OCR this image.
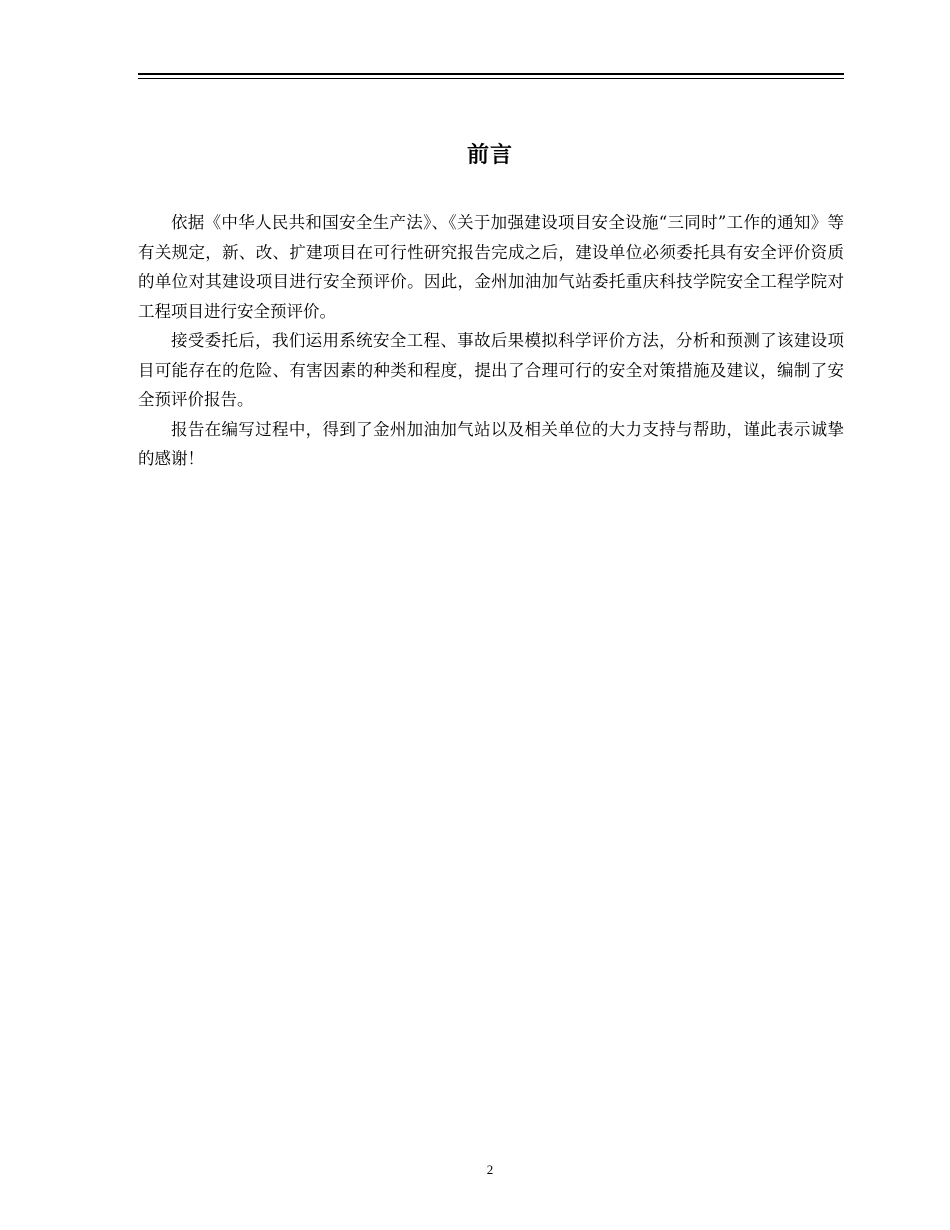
前言

依据《中华人民共和国安全生产法》、《关于加强建设项目安全设施“三同时”工作的通知》等有关规定，新、改、扩建项目在可行性研究报告完成之后，建设单位必须委托具有安全评价资质的单位对其建设项目进行安全预评价。因此，金州加油加气站委托重庆科技学院安全工程学院对工程项目进行安全预评价。

接受委托后，我们运用系统安全工程、事故后果模拟科学评价方法，分析和预测了该建设项目可能存在的危险、有害因素的种类和程度，提出了合理可行的安全对策措施及建议，编制了安全预评价报告。

报告在编写过程中，得到了金州加油加气站以及相关单位的大力支持与帮助，谨此表示诚挚的感谢！

2
